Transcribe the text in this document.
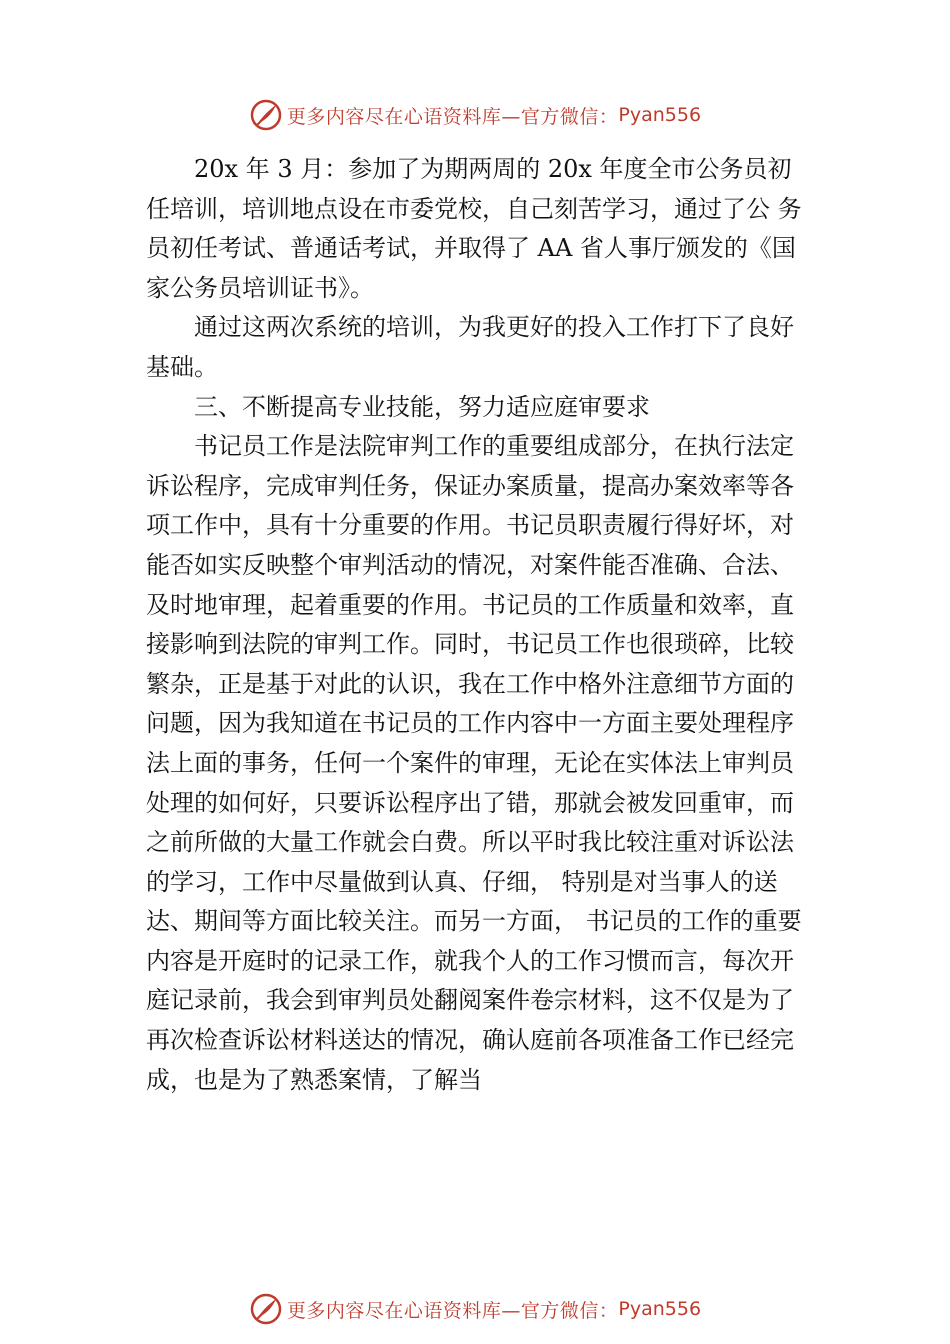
更多内容尽在心语资料库—官方微信： Pyan556

20x 年 3 月：参加了为期两周的 20x 年度全市公务员初任培训，培训地点设在市委党校，自己刻苦学习，通过了公 务员初任考试、普通话考试，并取得了 AA 省人事厅颁发的《国家公务员培训证书》。

通过这两次系统的培训，为我更好的投入工作打下了良好基础。

三、不断提高专业技能，努力适应庭审要求

书记员工作是法院审判工作的重要组成部分，在执行法定诉讼程序，完成审判任务，保证办案质量，提高办案效率等各项工作中，具有十分重要的作用。书记员职责履行得好坏，对能否如实反映整个审判活动的情况，对案件能否准确、合法、及时地审理，起着重要的作用。书记员的工作质量和效率，直接影响到法院的审判工作。同时，书记员工作也很琐碎，比较繁杂，正是基于对此的认识，我在工作中格外注意细节方面的问题，因为我知道在书记员的工作内容中一方面主要处理程序法上面的事务，任何一个案件的审理，无论在实体法上审判员处理的如何好，只要诉讼程序出了错，那就会被发回重审，而之前所做的大量工作就会白费。所以平时我比较注重对诉讼法的学习，工作中尽量做到认真、仔细， 特别是对当事人的送达、期间等方面比较关注。而另一方面， 书记员的工作的重要内容是开庭时的记录工作，就我个人的工作习惯而言，每次开庭记录前，我会到审判员处翻阅案件卷宗材料，这不仅是为了再次检查诉讼材料送达的情况，确认庭前各项准备工作已经完成，也是为了熟悉案情，了解当

更多内容尽在心语资料库—官方微信： Pyan556
